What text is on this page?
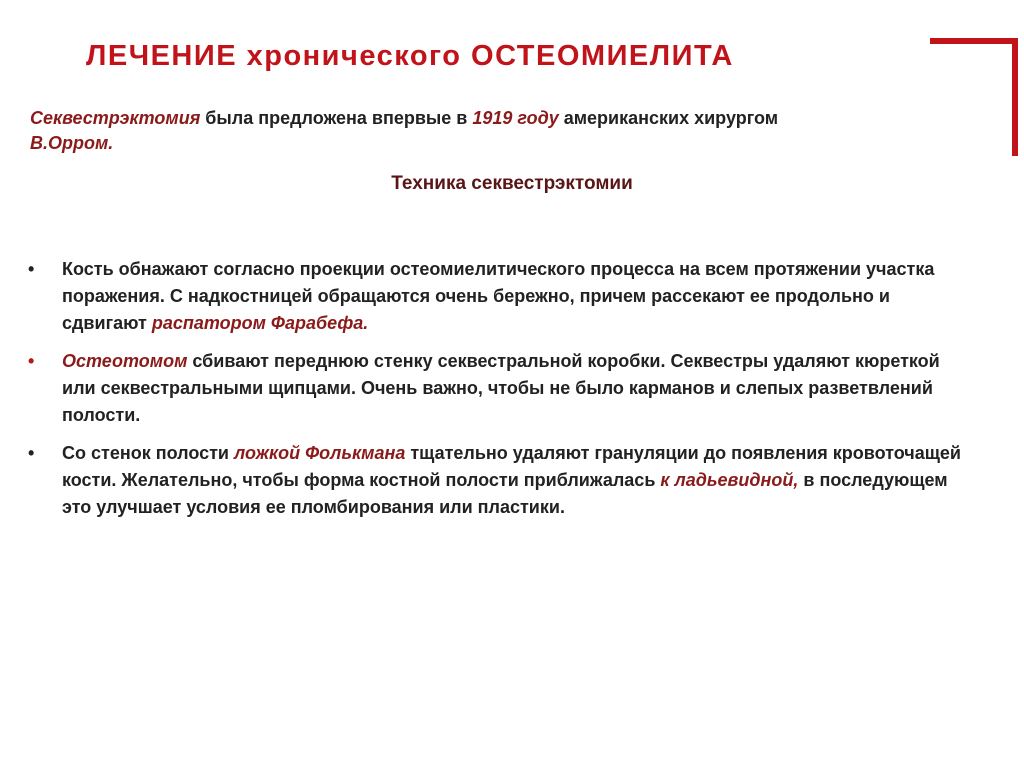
ЛЕЧЕНИЕ хронического ОСТЕОМИЕЛИТА
Секвестрэктомия была предложена впервые в 1919 году американских хирургом
В.Орром.
Техника секвестрэктомии
• Кость обнажают согласно проекции остеомиелитического процесса на всем протяжении участка поражения. С надкостницей обращаются очень бережно, причем рассекают ее продольно и сдвигают распатором Фарабефа.
• Остеотомом сбивают переднюю стенку секвестральной коробки. Секвестры удаляют кюреткой или секвестральными щипцами. Очень важно, чтобы не было карманов и слепых разветвлений полости.
• Со стенок полости ложкой Фолькмана тщательно удаляют грануляции до появления кровоточащей кости. Желательно, чтобы форма костной полости приближалась к ладьевидной, в последующем это улучшает условия ее пломбирования или пластики.
